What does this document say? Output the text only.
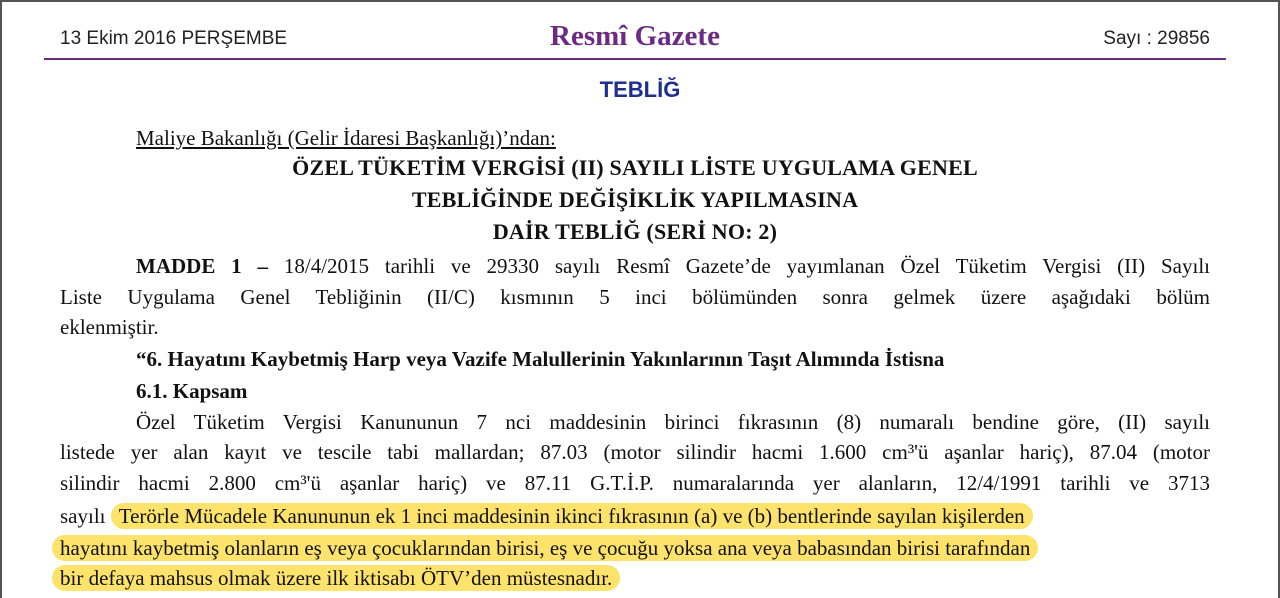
13 Ekim 2016 PERŞEMBE	Resmî Gazete	Sayı : 29856
TEBLİĞ
Maliye Bakanlığı (Gelir İdaresi Başkanlığı)’ndan:
ÖZEL TÜKETİM VERGİSİ (II) SAYILI LİSTE UYGULAMA GENEL
TEBLİĞİNDE DEĞİŞİKLİK YAPILMASINA
DAİR TEBLİĞ (SERİ NO: 2)
MADDE 1 – 18/4/2015 tarihli ve 29330 sayılı Resmî Gazete’de yayımlanan Özel Tüketim Vergisi (II) Sayılı
Liste Uygulama Genel Tebliğinin (II/C) kısmının 5 inci bölümünden sonra gelmek üzere aşağıdaki bölüm
eklenmiştir.
“6. Hayatını Kaybetmiş Harp veya Vazife Malullerinin Yakınlarının Taşıt Alımında İstisna
6.1. Kapsam
Özel Tüketim Vergisi Kanununun 7 nci maddesinin birinci fıkrasının (8) numaralı bendine göre, (II) sayılı
listede yer alan kayıt ve tescile tabi mallardan; 87.03 (motor silindir hacmi 1.600 cm³'ü aşanlar hariç), 87.04 (motor
silindir hacmi 2.800 cm³'ü aşanlar hariç) ve 87.11 G.T.İ.P. numaralarında yer alanların, 12/4/1991 tarihli ve 3713
sayılı Terörle Mücadele Kanununun ek 1 inci maddesinin ikinci fıkrasının (a) ve (b) bentlerinde sayılan kişilerden
hayatını kaybetmiş olanların eş veya çocuklarından birisi, eş ve çocuğu yoksa ana veya babasından birisi tarafından
bir defaya mahsus olmak üzere ilk iktisabı ÖTV’den müstesnadır.
